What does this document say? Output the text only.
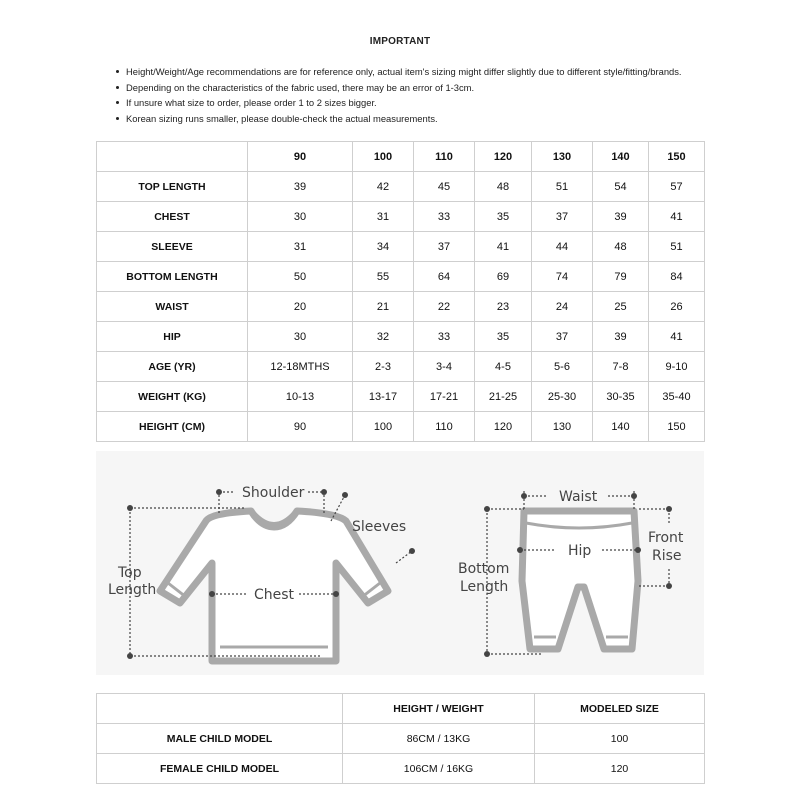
IMPORTANT
Height/Weight/Age recommendations are for reference only, actual item's sizing might differ slightly due to different style/fitting/brands.
Depending on the characteristics of the fabric used, there may be an error of 1-3cm.
If unsure what size to order, please order 1 to 2 sizes bigger.
Korean sizing runs smaller, please double-check the actual measurements.
	90	100	110	120	130	140	150
TOP LENGTH	39	42	45	48	51	54	57
CHEST	30	31	33	35	37	39	41
SLEEVE	31	34	37	41	44	48	51
BOTTOM LENGTH	50	55	64	69	74	79	84
WAIST	20	21	22	23	24	25	26
HIP	30	32	33	35	37	39	41
AGE (YR)	12-18MTHS	2-3	3-4	4-5	5-6	7-8	9-10
WEIGHT (KG)	10-13	13-17	17-21	21-25	25-30	30-35	35-40
HEIGHT (CM)	90	100	110	120	130	140	150
Shoulder
Sleeves
Top
Length	Chest
Waist
Hip
Front
Rise
Bottom
Length
	HEIGHT / WEIGHT	MODELED SIZE
MALE CHILD MODEL	86CM / 13KG	100
FEMALE CHILD MODEL	106CM / 16KG	120
